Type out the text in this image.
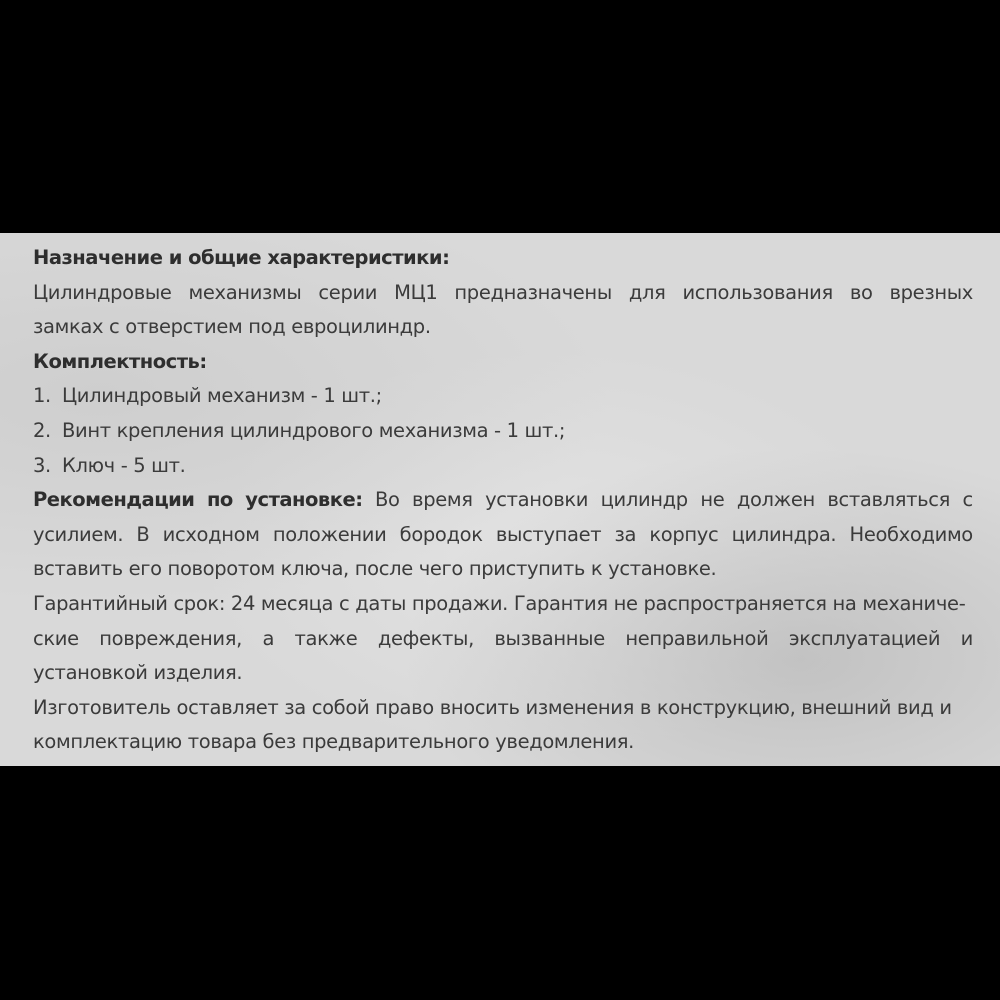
Назначение и общие характеристики:
Цилиндровые механизмы серии МЦ1 предназначены для использования во врезных
замках с отверстием под евроцилиндр.
Комплектность:
1. Цилиндровый механизм - 1 шт.;
2. Винт крепления цилиндрового механизма - 1 шт.;
3. Ключ - 5 шт.
Рекомендации по установке: Во время установки цилиндр не должен вставляться с
усилием. В исходном положении бородок выступает за корпус цилиндра. Необходимо
вставить его поворотом ключа, после чего приступить к установке.
Гарантийный срок: 24 месяца с даты продажи. Гарантия не распространяется на механиче-
ские повреждения, а также дефекты, вызванные неправильной эксплуатацией и
установкой изделия.
Изготовитель оставляет за собой право вносить изменения в конструкцию, внешний вид и
комплектацию товара без предварительного уведомления.
